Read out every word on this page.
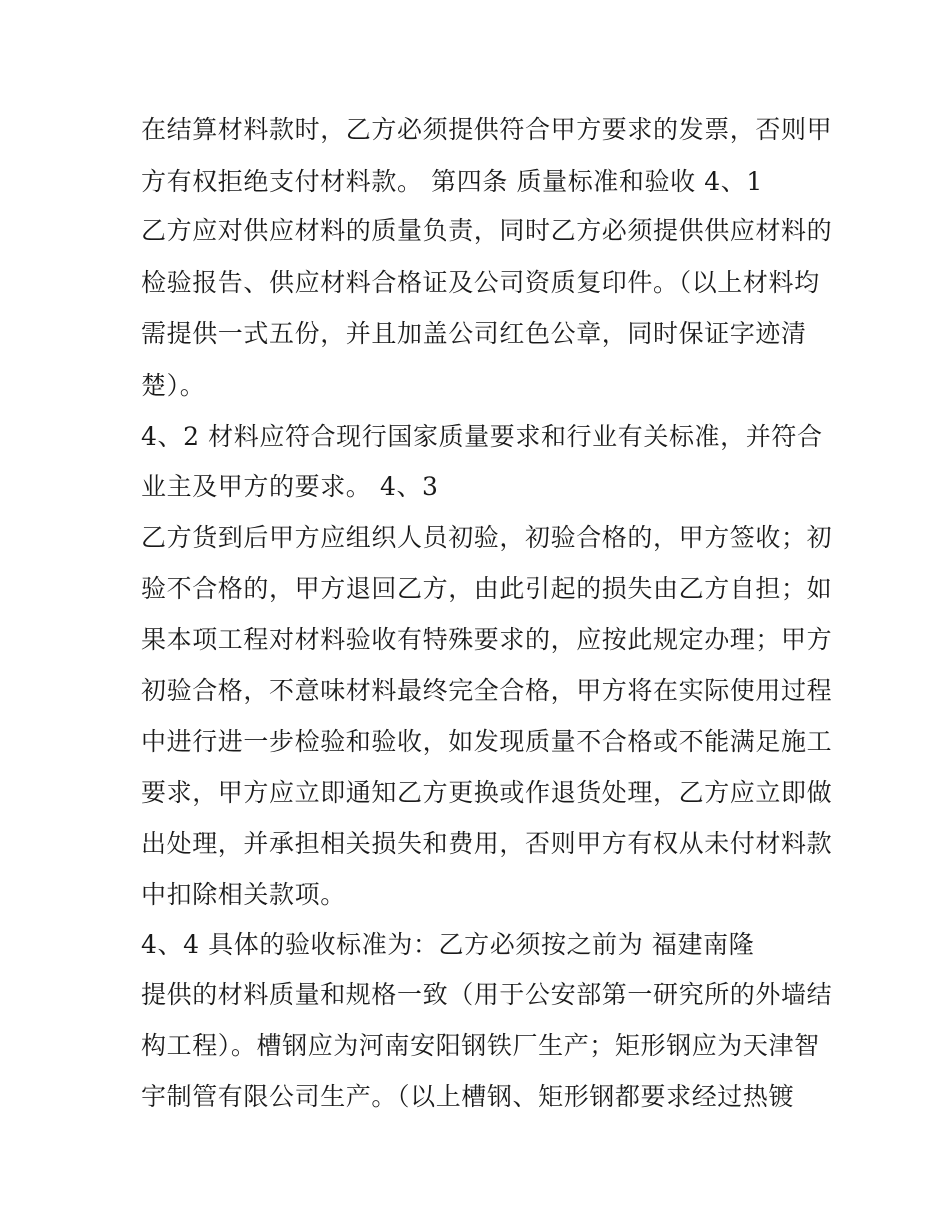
在结算材料款时，乙方必须提供符合甲方要求的发票，否则甲
方有权拒绝支付材料款。 第四条 质量标准和验收 4、1
乙方应对供应材料的质量负责，同时乙方必须提供供应材料的
检验报告、供应材料合格证及公司资质复印件。（以上材料均
需提供一式五份，并且加盖公司红色公章，同时保证字迹清
楚）。
4、2 材料应符合现行国家质量要求和行业有关标准，并符合
业主及甲方的要求。 4、3
乙方货到后甲方应组织人员初验，初验合格的，甲方签收；初
验不合格的，甲方退回乙方，由此引起的损失由乙方自担；如
果本项工程对材料验收有特殊要求的，应按此规定办理；甲方
初验合格，不意味材料最终完全合格，甲方将在实际使用过程
中进行进一步检验和验收，如发现质量不合格或不能满足施工
要求，甲方应立即通知乙方更换或作退货处理，乙方应立即做
出处理，并承担相关损失和费用，否则甲方有权从未付材料款
中扣除相关款项。
4、4 具体的验收标准为：乙方必须按之前为 福建南隆
提供的材料质量和规格一致（用于公安部第一研究所的外墙结
构工程）。槽钢应为河南安阳钢铁厂生产；矩形钢应为天津智
宇制管有限公司生产。（以上槽钢、矩形钢都要求经过热镀
